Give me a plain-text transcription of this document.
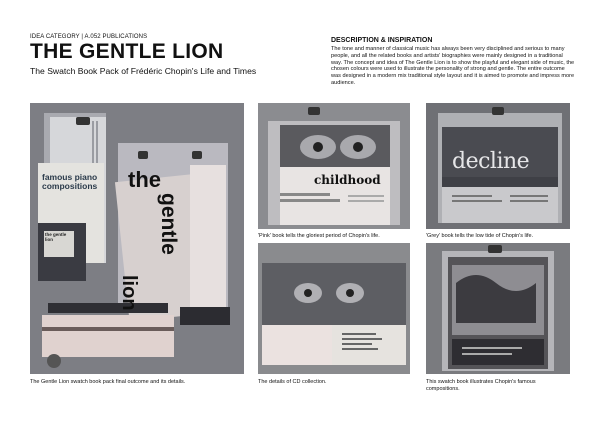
IDEA CATEGORY | A.052 PUBLICATIONS
THE GENTLE LION
The Swatch Book Pack of Frédéric Chopin's Life and Times
DESCRIPTION & INSPIRATION
The tone and manner of classical music has always been very disciplined and serious to many people, and all the related books and artists' biographies were mainly designed in a traditional way. The concept and idea of The Gentle Lion is to show the playful and elegant side of music, the chosen colours were used to illustrate the personality of strong and gentle. The entire outcome was designed in a modern mix traditional style layout and it is aimed to promote and impress more audience.
famous piano compositions
the gentle lion
the
gentle
lion
The Gentle Lion swatch book pack final outcome and its details.
childhood
'Pink' book tells the gloriest period of Chopin's life.
decline
'Grey' book tells the low tide of Chopin's life.
The details of CD collection.	This swatch book illustrates Chopin's famous compositions.
